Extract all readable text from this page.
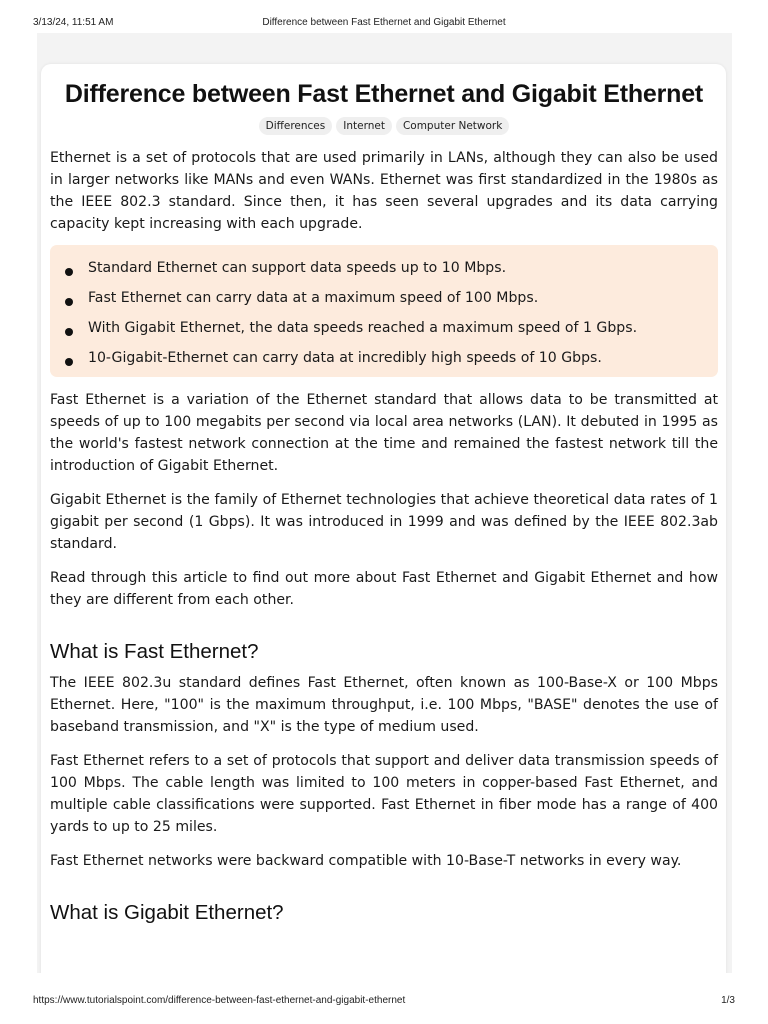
3/13/24, 11:51 AM	Difference between Fast Ethernet and Gigabit Ethernet
Difference between Fast Ethernet and Gigabit Ethernet
Differences	Internet	Computer Network

Ethernet is a set of protocols that are used primarily in LANs, although they can also be used in larger networks like MANs and even WANs. Ethernet was first standardized in the 1980s as the IEEE 802.3 standard. Since then, it has seen several upgrades and its data carrying capacity kept increasing with each upgrade.

Standard Ethernet can support data speeds up to 10 Mbps.
Fast Ethernet can carry data at a maximum speed of 100 Mbps.
With Gigabit Ethernet, the data speeds reached a maximum speed of 1 Gbps.
10-Gigabit-Ethernet can carry data at incredibly high speeds of 10 Gbps.

Fast Ethernet is a variation of the Ethernet standard that allows data to be transmitted at speeds of up to 100 megabits per second via local area networks (LAN). It debuted in 1995 as the world's fastest network connection at the time and remained the fastest network till the introduction of Gigabit Ethernet.

Gigabit Ethernet is the family of Ethernet technologies that achieve theoretical data rates of 1 gigabit per second (1 Gbps). It was introduced in 1999 and was defined by the IEEE 802.3ab standard.

Read through this article to find out more about Fast Ethernet and Gigabit Ethernet and how they are different from each other.

What is Fast Ethernet?

The IEEE 802.3u standard defines Fast Ethernet, often known as 100-Base-X or 100 Mbps Ethernet. Here, "100" is the maximum throughput, i.e. 100 Mbps, "BASE" denotes the use of baseband transmission, and "X" is the type of medium used.

Fast Ethernet refers to a set of protocols that support and deliver data transmission speeds of 100 Mbps. The cable length was limited to 100 meters in copper-based Fast Ethernet, and multiple cable classifications were supported. Fast Ethernet in fiber mode has a range of 400 yards to up to 25 miles.

Fast Ethernet networks were backward compatible with 10-Base-T networks in every way.

What is Gigabit Ethernet?
https://www.tutorialspoint.com/difference-between-fast-ethernet-and-gigabit-ethernet	1/3
